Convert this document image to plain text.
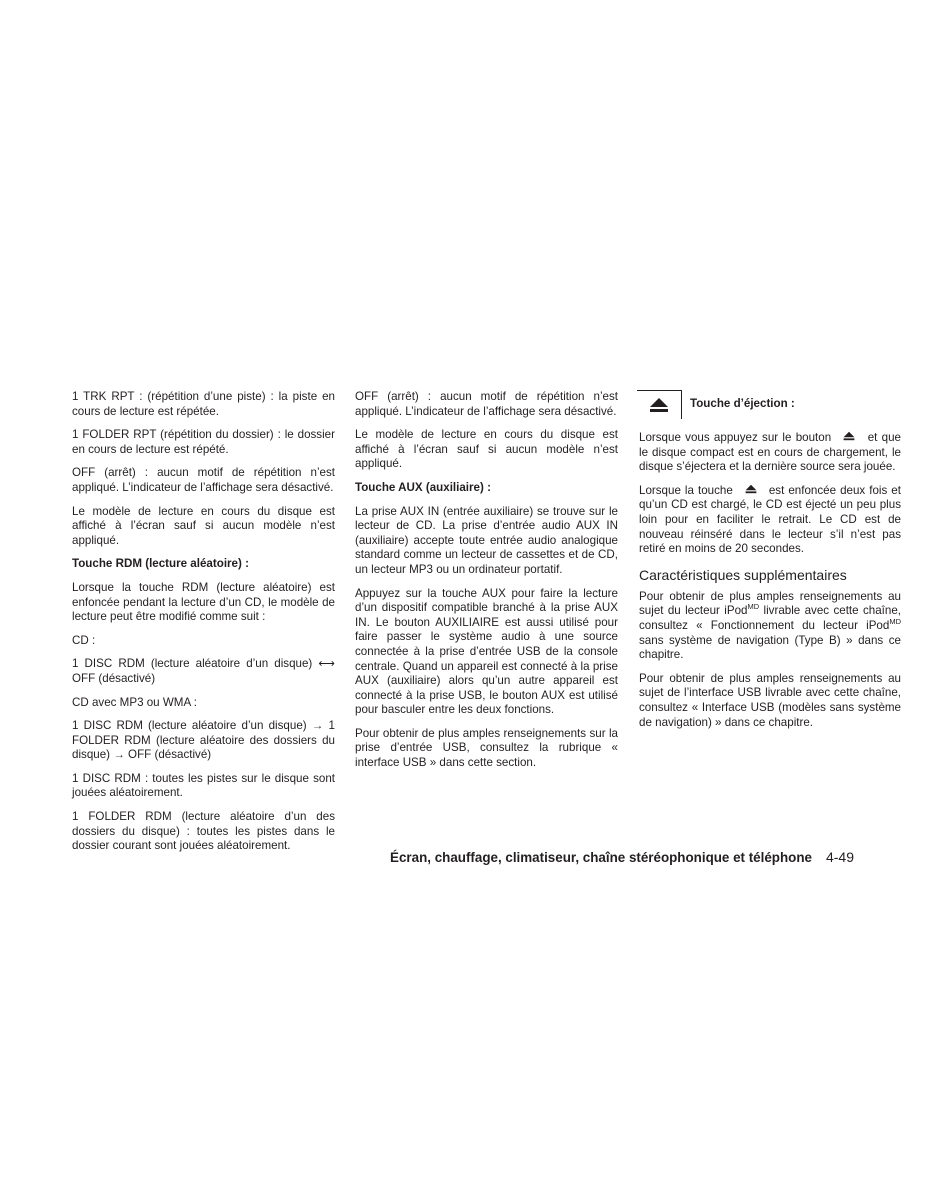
1 TRK RPT : (répétition d’une piste) : la piste en cours de lecture est répétée.

1 FOLDER RPT (répétition du dossier) : le dossier en cours de lecture est répété.

OFF (arrêt) : aucun motif de répétition n’est appliqué. L’indicateur de l’affichage sera désactivé.

Le modèle de lecture en cours du disque est affiché à l’écran sauf si aucun modèle n’est appliqué.

Touche RDM (lecture aléatoire) :

Lorsque la touche RDM (lecture aléatoire) est enfoncée pendant la lecture d’un CD, le modèle de lecture peut être modifié comme suit :

CD :

1 DISC RDM (lecture aléatoire d’un disque) ⟷ OFF (désactivé)

CD avec MP3 ou WMA :

1 DISC RDM (lecture aléatoire d’un disque) → 1 FOLDER RDM (lecture aléatoire des dossiers du disque) → OFF (désactivé)

1 DISC RDM : toutes les pistes sur le disque sont jouées aléatoirement.

1 FOLDER RDM (lecture aléatoire d’un des dossiers du disque) : toutes les pistes dans le dossier courant sont jouées aléatoirement.

OFF (arrêt) : aucun motif de répétition n’est appliqué. L’indicateur de l’affichage sera désactivé.

Le modèle de lecture en cours du disque est affiché à l’écran sauf si aucun modèle n’est appliqué.

Touche AUX (auxiliaire) :

La prise AUX IN (entrée auxiliaire) se trouve sur le lecteur de CD. La prise d’entrée audio AUX IN (auxiliaire) accepte toute entrée audio analogique standard comme un lecteur de cassettes et de CD, un lecteur MP3 ou un ordinateur portatif.

Appuyez sur la touche AUX pour faire la lecture d’un dispositif compatible branché à la prise AUX IN. Le bouton AUXILIAIRE est aussi utilisé pour faire passer le système audio à une source connectée à la prise d’entrée USB de la console centrale. Quand un appareil est connecté à la prise AUX (auxiliaire) alors qu’un autre appareil est connecté à la prise USB, le bouton AUX est utilisé pour basculer entre les deux fonctions.

Pour obtenir de plus amples renseignements sur la prise d’entrée USB, consultez la rubrique « interface USB » dans cette section.

Touche d’éjection :

Lorsque vous appuyez sur le bouton	et que le disque compact est en cours de chargement, le disque s’éjectera et la dernière source sera jouée.

Lorsque la touche	est enfoncée deux fois et qu’un CD est chargé, le CD est éjecté un peu plus loin pour en faciliter le retrait. Le CD est de nouveau réinséré dans le lecteur s’il n’est pas retiré en moins de 20 secondes.

Caractéristiques supplémentaires

Pour obtenir de plus amples renseignements au sujet du lecteur iPod$^{MD}$ livrable avec cette chaîne, consultez « Fonctionnement du lecteur iPod$^{MD}$ sans système de navigation (Type B) » dans ce chapitre.

Pour obtenir de plus amples renseignements au sujet de l’interface USB livrable avec cette chaîne, consultez « Interface USB (modèles sans système de navigation) » dans ce chapitre.

Écran, chauffage, climatiseur, chaîne stéréophonique et téléphone 4-49
